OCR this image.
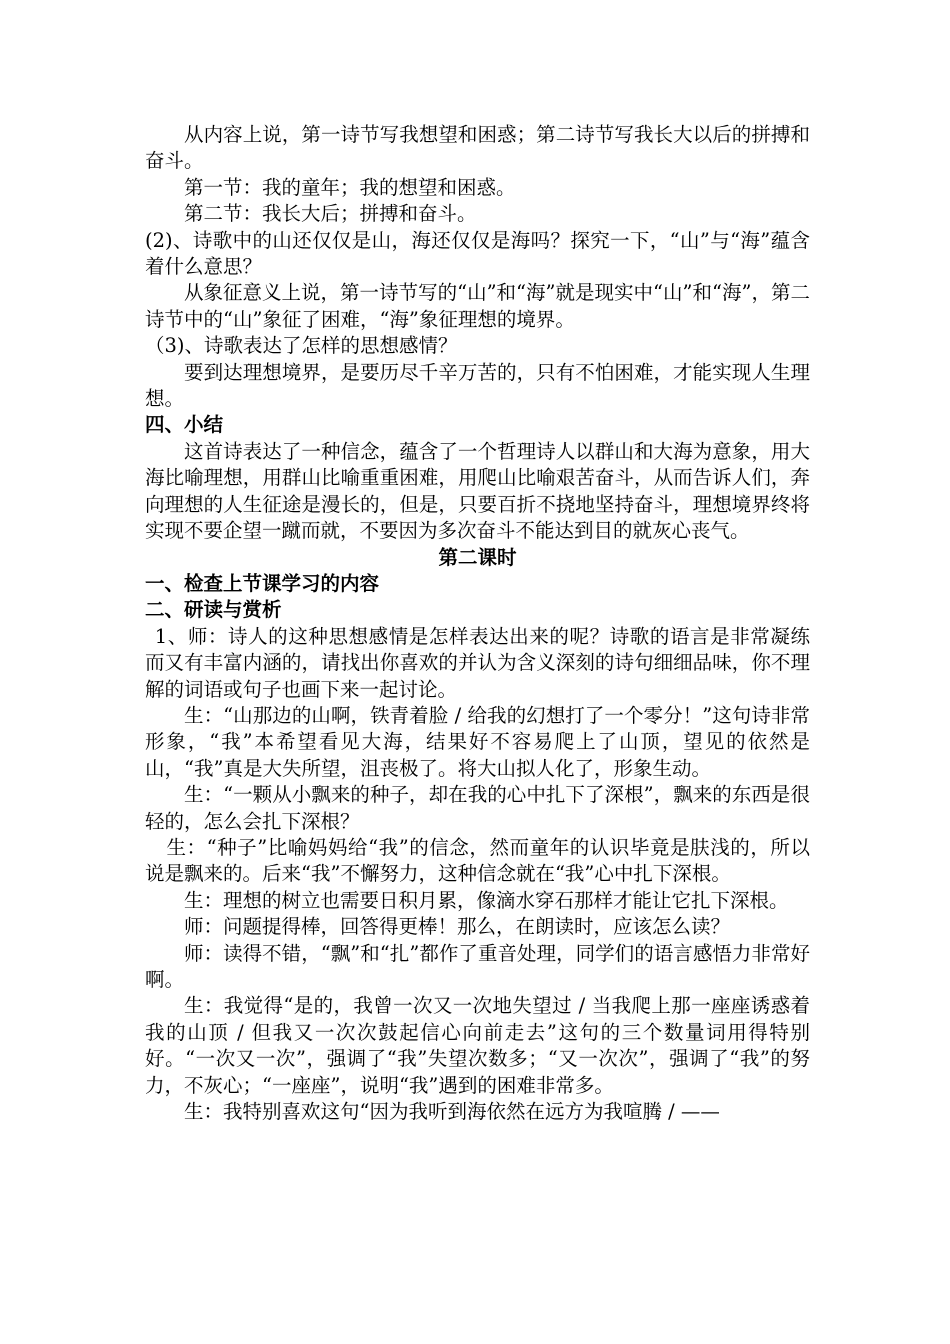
从内容上说，第一诗节写我想望和困惑；第二诗节写我长大以后的拼搏和奋斗。

第一节：我的童年；我的想望和困惑。

第二节：我长大后；拼搏和奋斗。

(2)、诗歌中的山还仅仅是山，海还仅仅是海吗？探究一下，“山”与“海”蕴含着什么意思？

从象征意义上说，第一诗节写的“山”和“海”就是现实中“山”和“海”，第二诗节中的“山”象征了困难，“海”象征理想的境界。

（3)、诗歌表达了怎样的思想感情？

要到达理想境界，是要历尽千辛万苦的，只有不怕困难，才能实现人生理想。

四、小结

这首诗表达了一种信念，蕴含了一个哲理诗人以群山和大海为意象，用大海比喻理想，用群山比喻重重困难，用爬山比喻艰苦奋斗，从而告诉人们，奔向理想的人生征途是漫长的，但是，只要百折不挠地坚持奋斗，理想境界终将实现不要企望一蹴而就，不要因为多次奋斗不能达到目的就灰心丧气。

第二课时

一、检查上节课学习的内容

二、研读与赏析

1、师：诗人的这种思想感情是怎样表达出来的呢？诗歌的语言是非常凝练而又有丰富内涵的，请找出你喜欢的并认为含义深刻的诗句细细品味，你不理解的词语或句子也画下来一起讨论。

生：“山那边的山啊，铁青着脸 / 给我的幻想打了一个零分！”这句诗非常形象，“我”本希望看见大海，结果好不容易爬上了山顶，望见的依然是山，“我”真是大失所望，沮丧极了。将大山拟人化了，形象生动。

生：“一颗从小飘来的种子，却在我的心中扎下了深根”，飘来的东西是很轻的，怎么会扎下深根？

生：“种子”比喻妈妈给“我”的信念，然而童年的认识毕竟是肤浅的，所以说是飘来的。后来“我”不懈努力，这种信念就在“我”心中扎下深根。

生：理想的树立也需要日积月累，像滴水穿石那样才能让它扎下深根。

师：问题提得棒，回答得更棒！那么，在朗读时，应该怎么读？

师：读得不错，“飘”和“扎”都作了重音处理，同学们的语言感悟力非常好啊。

生：我觉得“是的，我曾一次又一次地失望过 / 当我爬上那一座座诱惑着我的山顶 / 但我又一次次鼓起信心向前走去”这句的三个数量词用得特别好。“一次又一次”，强调了“我”失望次数多；“又一次次”，强调了“我”的努力，不灰心；“一座座”，说明“我”遇到的困难非常多。

生：我特别喜欢这句“因为我听到海依然在远方为我喧腾 / ——
